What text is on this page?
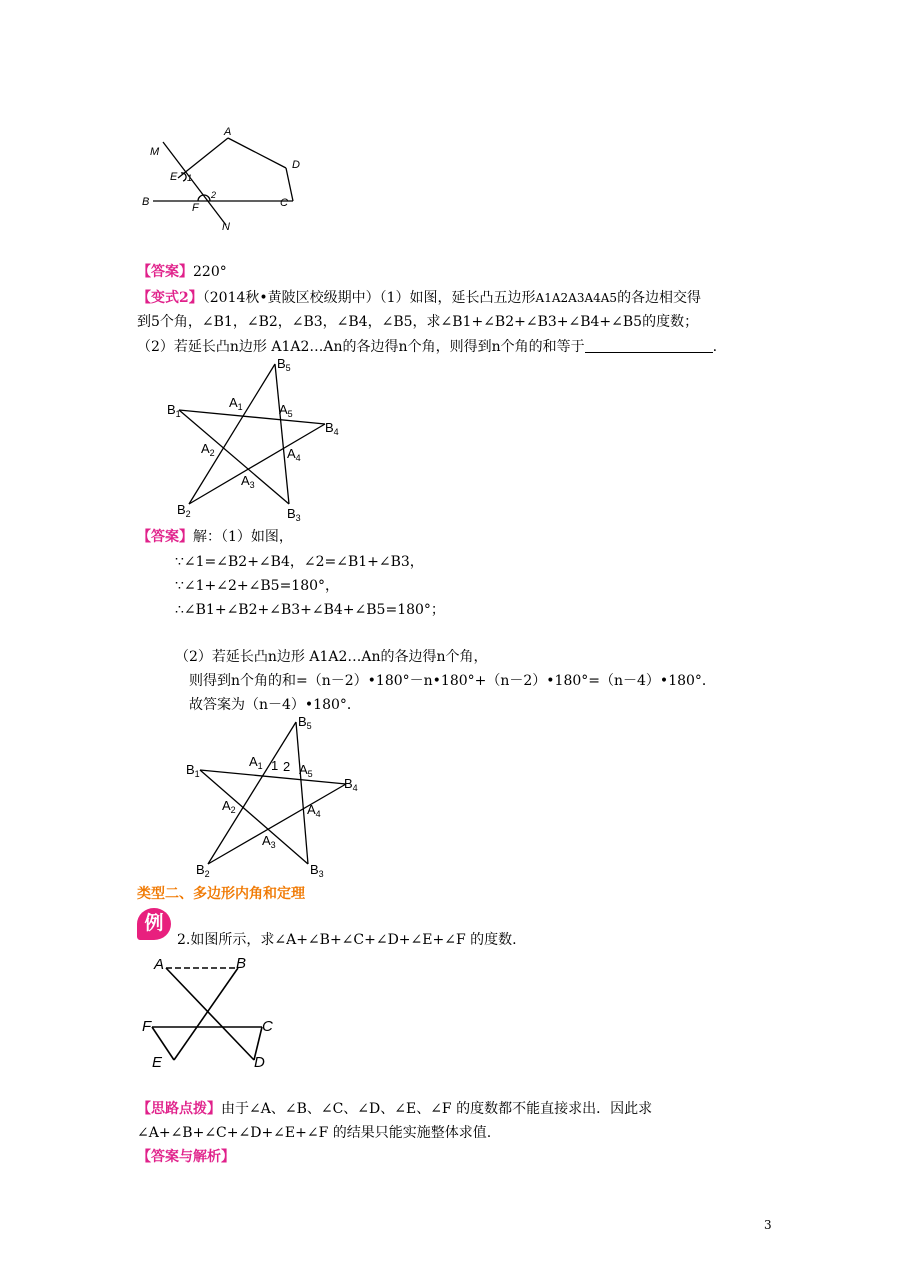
M
A
D
E 1
2
B	F	C
N
【答案】220°
【变式2】（2014秋•黄陂区校级期中）（1）如图，延长凸五边形A1A2A3A4A5的各边相交得
到5个角，∠B1，∠B2，∠B3，∠B4，∠B5，求∠B1+∠B2+∠B3+∠B4+∠B5的度数；
（2）若延长凸n边形 A1A2…An的各边得n个角，则得到n个角的和等于	.
$B_5$
$B_1$
$A_1$	$A_5$
$B_4$
$A_2$	$A_4$
$A_3$
$B_2$	$B_3$
【答案】解：（1）如图，
∵∠1=∠B2+∠B4，∠2=∠B1+∠B3，
∵∠1+∠2+∠B5=180°，
∴∠B1+∠B2+∠B3+∠B4+∠B5=180°；
（2）若延长凸n边形 A1A2…An的各边得n个角，
则得到n个角的和=（n－2）•180°－n•180°+（n－2）•180°=（n－4）•180°．
故答案为（n－4）•180°．
$B_5$
$B_1$
$A_1$ 1 2 $A_5$
$B_4$
$A_2$	$A_4$
$A_3$
$B_2$	$B_3$
类型二、多边形内角和定理
例
2.如图所示，求∠A+∠B+∠C+∠D+∠E+∠F 的度数.
A	B
F	C
E	D
【思路点拨】由于∠A、∠B、∠C、∠D、∠E、∠F 的度数都不能直接求出．因此求
∠A+∠B+∠C+∠D+∠E+∠F 的结果只能实施整体求值.
【答案与解析】
3
